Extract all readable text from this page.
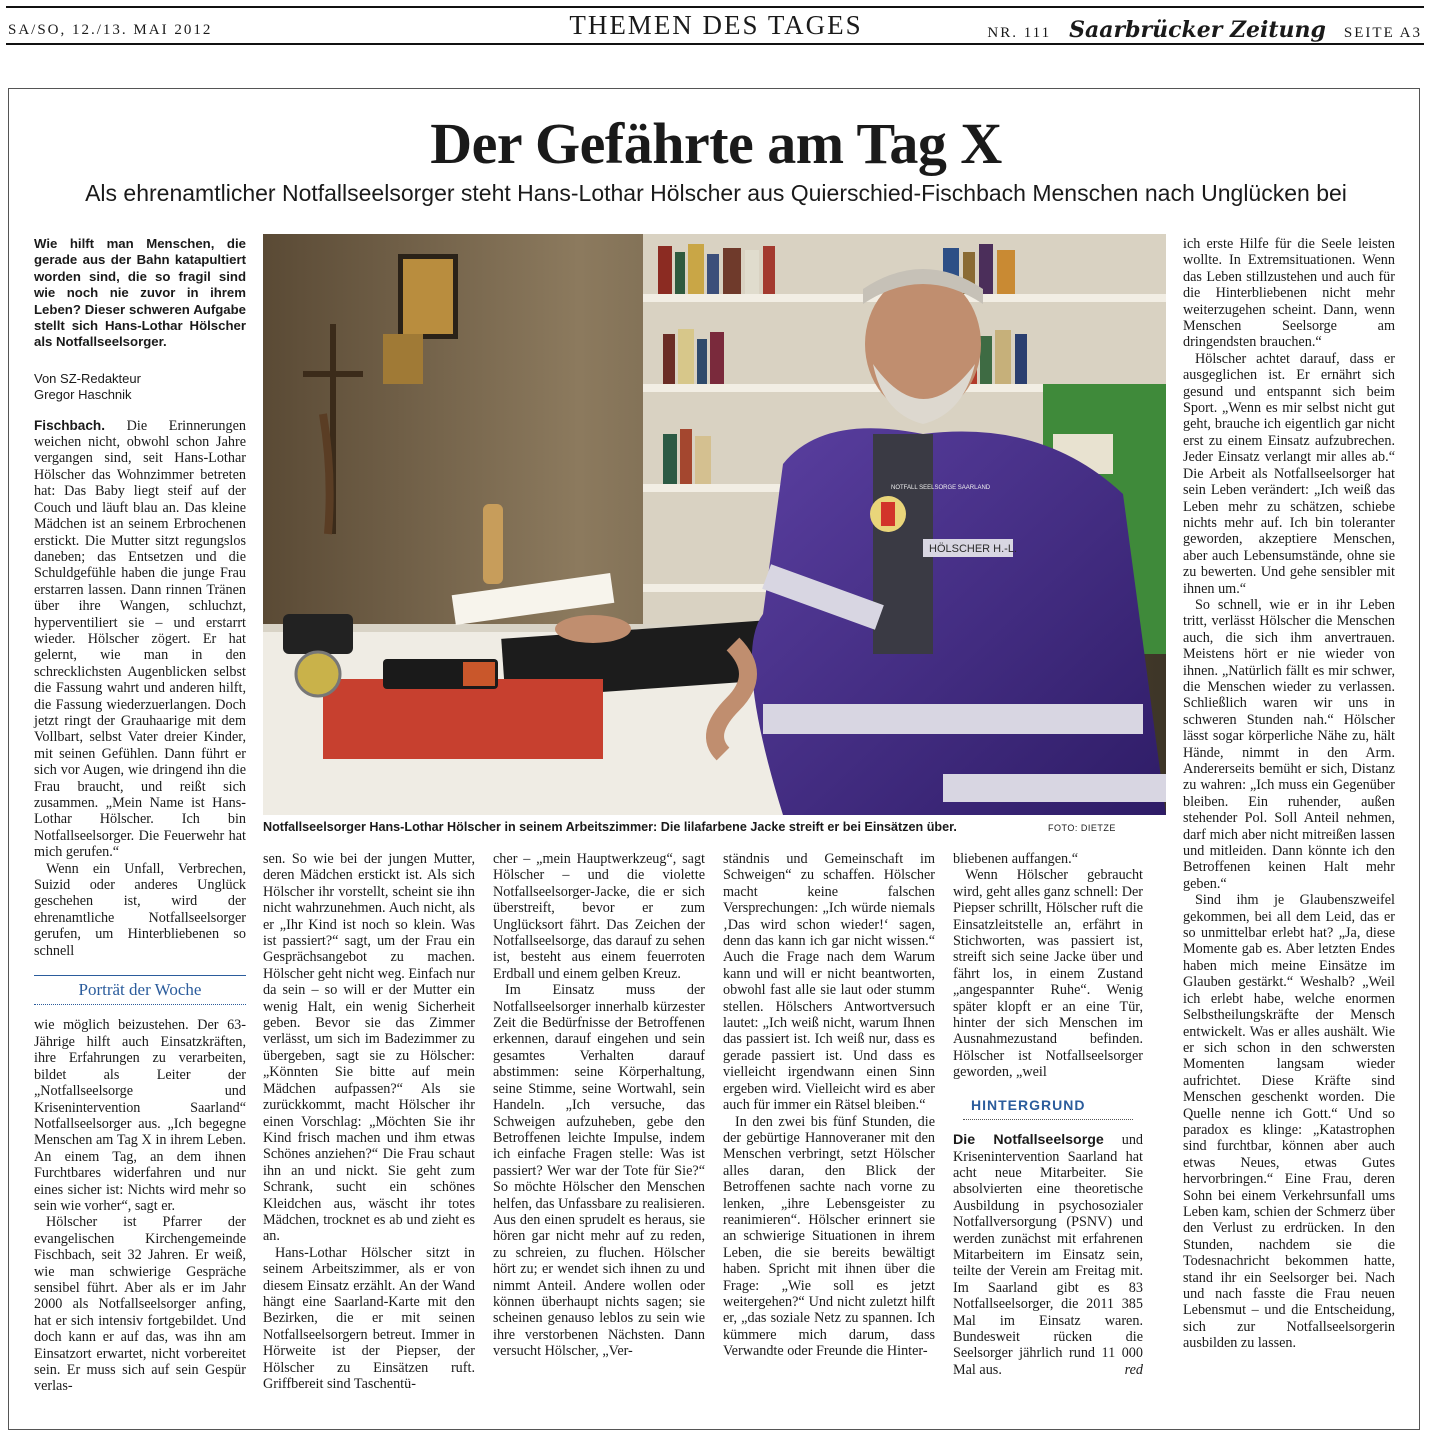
SA/SO, 12./13. MAI 2012	THEMEN DES TAGES	NR. 111 Saarbrücker Zeitung SEITE A3
Der Gefährte am Tag X
Als ehrenamtlicher Notfallseelsorger steht Hans-Lothar Hölscher aus Quierschied-Fischbach Menschen nach Unglücken bei
Wie hilft man Menschen, die gerade aus der Bahn katapultiert worden sind, die so fragil sind wie noch nie zuvor in ihrem Leben? Dieser schweren Aufgabe stellt sich Hans-Lothar Hölscher als Notfallseelsorger.
Von SZ-Redakteur
Gregor Haschnik

Fischbach. Die Erinnerungen weichen nicht, obwohl schon Jahre vergangen sind, seit Hans-Lothar Hölscher das Wohnzimmer betreten hat: Das Baby liegt steif auf der Couch und läuft blau an. Das kleine Mädchen ist an seinem Erbrochenen erstickt. Die Mutter sitzt regungslos daneben; das Entsetzen und die Schuldgefühle haben die junge Frau erstarren lassen. Dann rinnen Tränen über ihre Wangen, schluchzt, hyperventiliert sie – und erstarrt wieder. Hölscher zögert. Er hat gelernt, wie man in den schrecklichsten Augenblicken selbst die Fassung wahrt und anderen hilft, die Fassung wiederzuerlangen. Doch jetzt ringt der Grauhaarige mit dem Vollbart, selbst Vater dreier Kinder, mit seinen Gefühlen. Dann führt er sich vor Augen, wie dringend ihn die Frau braucht, und reißt sich zusammen. „Mein Name ist Hans-Lothar Hölscher. Ich bin Notfallseelsorger. Die Feuerwehr hat mich gerufen.“

Wenn ein Unfall, Verbrechen, Suizid oder anderes Unglück geschehen ist, wird der ehrenamtliche Notfallseelsorger gerufen, um Hinterbliebenen so schnell

Porträt der Woche

wie möglich beizustehen. Der 63-Jährige hilft auch Einsatzkräften, ihre Erfahrungen zu verarbeiten, bildet als Leiter der „Notfallseelsorge und Krisenintervention Saarland“ Notfallseelsorger aus. „Ich begegne Menschen am Tag X in ihrem Leben. An einem Tag, an dem ihnen Furchtbares widerfahren und nur eines sicher ist: Nichts wird mehr so sein wie vorher“, sagt er.

Hölscher ist Pfarrer der evangelischen Kirchengemeinde Fischbach, seit 32 Jahren. Er weiß, wie man schwierige Gespräche sensibel führt. Aber als er im Jahr 2000 als Notfallseelsorger anfing, hat er sich intensiv fortgebildet. Und doch kann er auf das, was ihn am Einsatzort erwartet, nicht vorbereitet sein. Er muss sich auf sein Gespür verlas-

HÖLSCHER H.-L.
NOTFALL SEELSORGE SAARLAND
Notfallseelsorger Hans-Lothar Hölscher in seinem Arbeitszimmer: Die lilafarbene Jacke streift er bei Einsätzen über.	FOTO: DIETZE

sen. So wie bei der jungen Mutter, deren Mädchen erstickt ist. Als sich Hölscher ihr vorstellt, scheint sie ihn nicht wahrzunehmen. Auch nicht, als er „Ihr Kind ist noch so klein. Was ist passiert?“ sagt, um der Frau ein Gesprächsangebot zu machen. Hölscher geht nicht weg. Einfach nur da sein – so will er der Mutter ein wenig Halt, ein wenig Sicherheit geben. Bevor sie das Zimmer verlässt, um sich im Badezimmer zu übergeben, sagt sie zu Hölscher: „Könnten Sie bitte auf mein Mädchen aufpassen?“ Als sie zurückkommt, macht Hölscher ihr einen Vorschlag: „Möchten Sie ihr Kind frisch machen und ihm etwas Schönes anziehen?“ Die Frau schaut ihn an und nickt. Sie geht zum Schrank, sucht ein schönes Kleidchen aus, wäscht ihr totes Mädchen, trocknet es ab und zieht es an.

Hans-Lothar Hölscher sitzt in seinem Arbeitszimmer, als er von diesem Einsatz erzählt. An der Wand hängt eine Saarland-Karte mit den Bezirken, die er mit seinen Notfallseelsorgern betreut. Immer in Hörweite ist der Piepser, der Hölscher zu Einsätzen ruft. Griffbereit sind Taschentü-

cher – „mein Hauptwerkzeug“, sagt Hölscher – und die violette Notfallseelsorger-Jacke, die er sich überstreift, bevor er zum Unglücksort fährt. Das Zeichen der Notfallseelsorge, das darauf zu sehen ist, besteht aus einem feuerroten Erdball und einem gelben Kreuz.

Im Einsatz muss der Notfallseelsorger innerhalb kürzester Zeit die Bedürfnisse der Betroffenen erkennen, darauf eingehen und sein gesamtes Verhalten darauf abstimmen: seine Körperhaltung, seine Stimme, seine Wortwahl, sein Handeln. „Ich versuche, das Schweigen aufzuheben, gebe den Betroffenen leichte Impulse, indem ich einfache Fragen stelle: Was ist passiert? Wer war der Tote für Sie?“ So möchte Hölscher den Menschen helfen, das Unfassbare zu realisieren. Aus den einen sprudelt es heraus, sie hören gar nicht mehr auf zu reden, zu schreien, zu fluchen. Hölscher hört zu; er wendet sich ihnen zu und nimmt Anteil. Andere wollen oder können überhaupt nichts sagen; sie scheinen genauso leblos zu sein wie ihre verstorbenen Nächsten. Dann versucht Hölscher, „Ver-

ständnis und Gemeinschaft im Schweigen“ zu schaffen. Hölscher macht keine falschen Versprechungen: „Ich würde niemals ‚Das wird schon wieder!‘ sagen, denn das kann ich gar nicht wissen.“ Auch die Frage nach dem Warum kann und will er nicht beantworten, obwohl fast alle sie laut oder stumm stellen. Hölschers Antwortversuch lautet: „Ich weiß nicht, warum Ihnen das passiert ist. Ich weiß nur, dass es gerade passiert ist. Und dass es vielleicht irgendwann einen Sinn ergeben wird. Vielleicht wird es aber auch für immer ein Rätsel bleiben.“

In den zwei bis fünf Stunden, die der gebürtige Hannoveraner mit den Menschen verbringt, setzt Hölscher alles daran, den Blick der Betroffenen sachte nach vorne zu lenken, „ihre Lebensgeister zu reanimieren“. Hölscher erinnert sie an schwierige Situationen in ihrem Leben, die sie bereits bewältigt haben. Spricht mit ihnen über die Frage: „Wie soll es jetzt weitergehen?“ Und nicht zuletzt hilft er, „das soziale Netz zu spannen. Ich kümmere mich darum, dass Verwandte oder Freunde die Hinter-

bliebenen auffangen.“

Wenn Hölscher gebraucht wird, geht alles ganz schnell: Der Piepser schrillt, Hölscher ruft die Einsatzleitstelle an, erfährt in Stichworten, was passiert ist, streift sich seine Jacke über und fährt los, in einem Zustand „angespannter Ruhe“. Wenig später klopft er an eine Tür, hinter der sich Menschen im Ausnahmezustand befinden. Hölscher ist Notfallseelsorger geworden, „weil

HINTERGRUND
Die Notfallseelsorge und Krisenintervention Saarland hat acht neue Mitarbeiter. Sie absolvierten eine theoretische Ausbildung in psychosozialer Notfallversorgung (PSNV) und werden zunächst mit erfahrenen Mitarbeitern im Einsatz sein, teilte der Verein am Freitag mit. Im Saarland gibt es 83 Notfallseelsorger, die 2011 385 Mal im Einsatz waren. Bundesweit rücken die Seelsorger jährlich rund 11 000 Mal aus.	red

ich erste Hilfe für die Seele leisten wollte. In Extremsituationen. Wenn das Leben stillzustehen und auch für die Hinterbliebenen nicht mehr weiterzugehen scheint. Dann, wenn Menschen Seelsorge am dringendsten brauchen.“

Hölscher achtet darauf, dass er ausgeglichen ist. Er ernährt sich gesund und entspannt sich beim Sport. „Wenn es mir selbst nicht gut geht, brauche ich eigentlich gar nicht erst zu einem Einsatz aufzubrechen. Jeder Einsatz verlangt mir alles ab.“ Die Arbeit als Notfallseelsorger hat sein Leben verändert: „Ich weiß das Leben mehr zu schätzen, schiebe nichts mehr auf. Ich bin toleranter geworden, akzeptiere Menschen, aber auch Lebensumstände, ohne sie zu bewerten. Und gehe sensibler mit ihnen um.“

So schnell, wie er in ihr Leben tritt, verlässt Hölscher die Menschen auch, die sich ihm anvertrauen. Meistens hört er nie wieder von ihnen. „Natürlich fällt es mir schwer, die Menschen wieder zu verlassen. Schließlich waren wir uns in schweren Stunden nah.“ Hölscher lässt sogar körperliche Nähe zu, hält Hände, nimmt in den Arm. Andererseits bemüht er sich, Distanz zu wahren: „Ich muss ein Gegenüber bleiben. Ein ruhender, außen stehender Pol. Soll Anteil nehmen, darf mich aber nicht mitreißen lassen und mitleiden. Dann könnte ich den Betroffenen keinen Halt mehr geben.“

Sind ihm je Glaubenszweifel gekommen, bei all dem Leid, das er so unmittelbar erlebt hat? „Ja, diese Momente gab es. Aber letzten Endes haben mich meine Einsätze im Glauben gestärkt.“ Weshalb? „Weil ich erlebt habe, welche enormen Selbstheilungskräfte der Mensch entwickelt. Was er alles aushält. Wie er sich schon in den schwersten Momenten langsam wieder aufrichtet. Diese Kräfte sind Menschen geschenkt worden. Die Quelle nenne ich Gott.“ Und so paradox es klinge: „Katastrophen sind furchtbar, können aber auch etwas Neues, etwas Gutes hervorbringen.“ Eine Frau, deren Sohn bei einem Verkehrsunfall ums Leben kam, schien der Schmerz über den Verlust zu erdrücken. In den Stunden, nachdem sie die Todesnachricht bekommen hatte, stand ihr ein Seelsorger bei. Nach und nach fasste die Frau neuen Lebensmut – und die Entscheidung, sich zur Notfallseelsorgerin ausbilden zu lassen.
